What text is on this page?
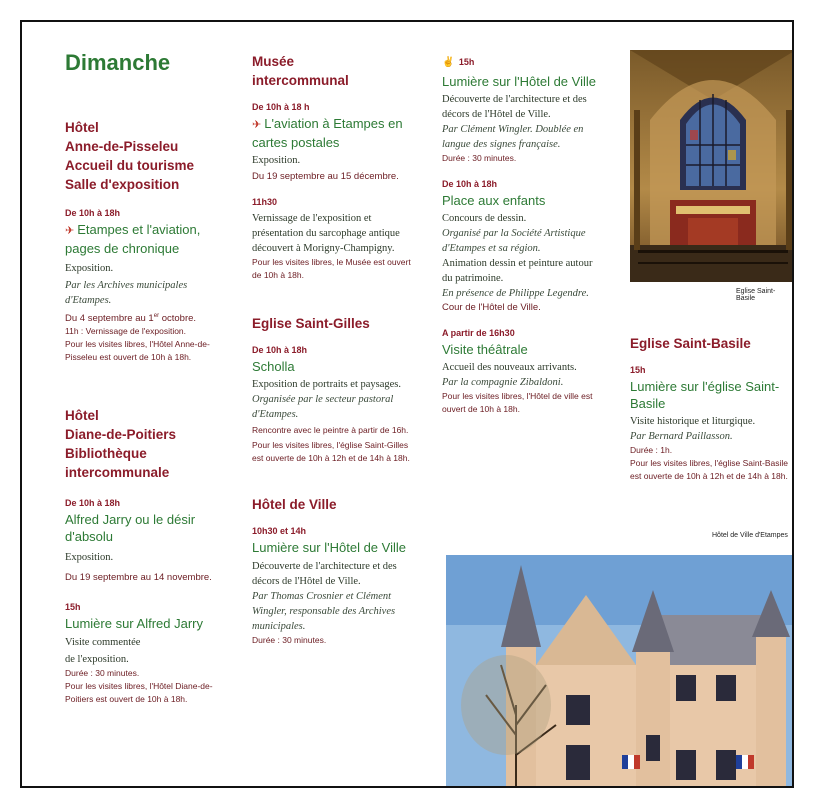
Dimanche
Hôtel
Anne-de-Pisseleu
Accueil du tourisme
Salle d'exposition
De 10h à 18h
✈ Etampes et l'aviation, pages de chronique
Exposition.
Par les Archives municipales d'Etampes.
Du 4 septembre au 1er octobre.
11h : Vernissage de l'exposition.
Pour les visites libres, l'Hôtel Anne-de-Pisseleu est ouvert de 10h à 18h.
Hôtel
Diane-de-Poitiers
Bibliothèque
intercommunale
De 10h à 18h
Alfred Jarry ou le désir d'absolu
Exposition.
Du 19 septembre au 14 novembre.
15h
Lumière sur Alfred Jarry
Visite commentée
de l'exposition.
Durée : 30 minutes.
Pour les visites libres, l'Hôtel Diane-de-Poitiers est ouvert de 10h à 18h.
Musée
intercommunal
De 10h à 18 h
✈ L'aviation à Etampes en cartes postales
Exposition.
Du 19 septembre au 15 décembre.
11h30
Vernissage de l'exposition et présentation du sarcophage antique découvert à Morigny-Champigny.
Pour les visites libres, le Musée est ouvert de 10h à 18h.
Eglise Saint-Gilles
De 10h à 18h
Scholla
Exposition de portraits et paysages.
Organisée par le secteur pastoral d'Etampes.
Rencontre avec le peintre à partir de 16h.
Pour les visites libres, l'église Saint-Gilles est ouverte de 10h à 12h et de 14h à 18h.
Hôtel de Ville
10h30 et 14h
Lumière sur l'Hôtel de Ville
Découverte de l'architecture et des décors de l'Hôtel de Ville.
Par Thomas Crosnier et Clément Wingler, responsable des Archives municipales.
Durée : 30 minutes.
✌ 15h
Lumière sur l'Hôtel de Ville
Découverte de l'architecture et des décors de l'Hôtel de Ville.
Par Clément Wingler. Doublée en langue des signes française.
Durée : 30 minutes.
De 10h à 18h
Place aux enfants
Concours de dessin.
Organisé par la Société Artistique d'Etampes et sa région.
Animation dessin et peinture autour du patrimoine.
En présence de Philippe Legendre.
Cour de l'Hôtel de Ville.
A partir de 16h30
Visite théâtrale
Accueil des nouveaux arrivants.
Par la compagnie Zibaldoni.
Pour les visites libres, l'Hôtel de ville est ouvert de 10h à 18h.
Eglise Saint-Basile
15h
Lumière sur l'église Saint-Basile
Visite historique et liturgique.
Par Bernard Paillasson.
Durée : 1h.
Pour les visites libres, l'église Saint-Basile est ouverte de 10h à 12h et de 14h à 18h.
Eglise Saint-Basile
Hôtel de Ville d'Etampes
